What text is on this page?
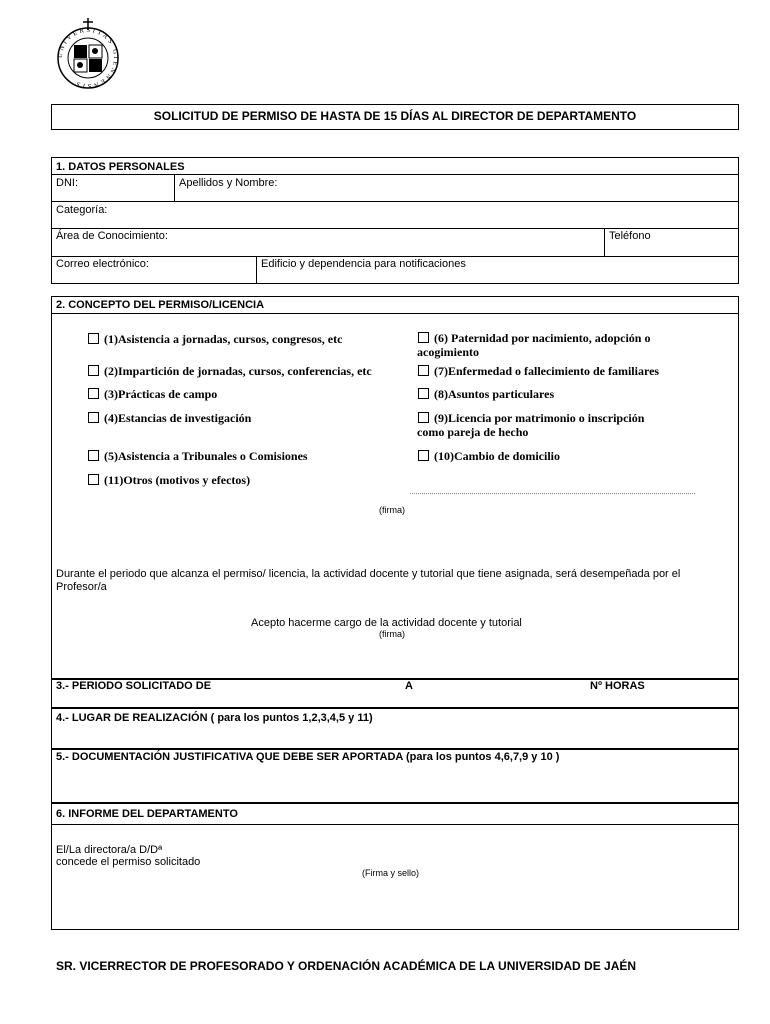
UNIVERSITAS GIENNENSIS
SOLICITUD DE PERMISO DE HASTA DE 15 DÍAS AL DIRECTOR DE DEPARTAMENTO
1. DATOS PERSONALES
DNI:	Apellidos y Nombre:
Categoría:
Área de Conocimiento:	Teléfono
Correo electrónico:	Edificio y dependencia para notificaciones
2. CONCEPTO DEL PERMISO/LICENCIA
(1)Asistencia a jornadas, cursos, congresos, etc
(2)Impartición de jornadas, cursos, conferencias, etc
(3)Prácticas de campo
(4)Estancias de investigación
(5)Asistencia a Tribunales o Comisiones
(11)Otros (motivos y efectos)
(6) Paternidad por nacimiento, adopción o
acogimiento
(7)Enfermedad o fallecimiento de familiares
(8)Asuntos particulares
(9)Licencia por matrimonio o inscripción
como pareja de hecho
(10)Cambio de domicilio
(firma)
Durante el periodo que alcanza el permiso/ licencia, la actividad docente y tutorial que tiene asignada, será desempeñada por el
Profesor/a
Acepto hacerme cargo de la actividad docente y tutorial
(firma)
3.- PERIODO SOLICITADO DE	A	Nº HORAS
4.- LUGAR DE REALIZACIÓN ( para los puntos 1,2,3,4,5 y 11)
5.- DOCUMENTACIÓN JUSTIFICATIVA QUE DEBE SER APORTADA (para los puntos 4,6,7,9 y 10 )
6. INFORME DEL DEPARTAMENTO
El/La directora/a D/Dª
concede el permiso solicitado
(Firma y sello)
SR. VICERRECTOR DE PROFESORADO Y ORDENACIÓN ACADÉMICA DE LA UNIVERSIDAD DE JAÉN
